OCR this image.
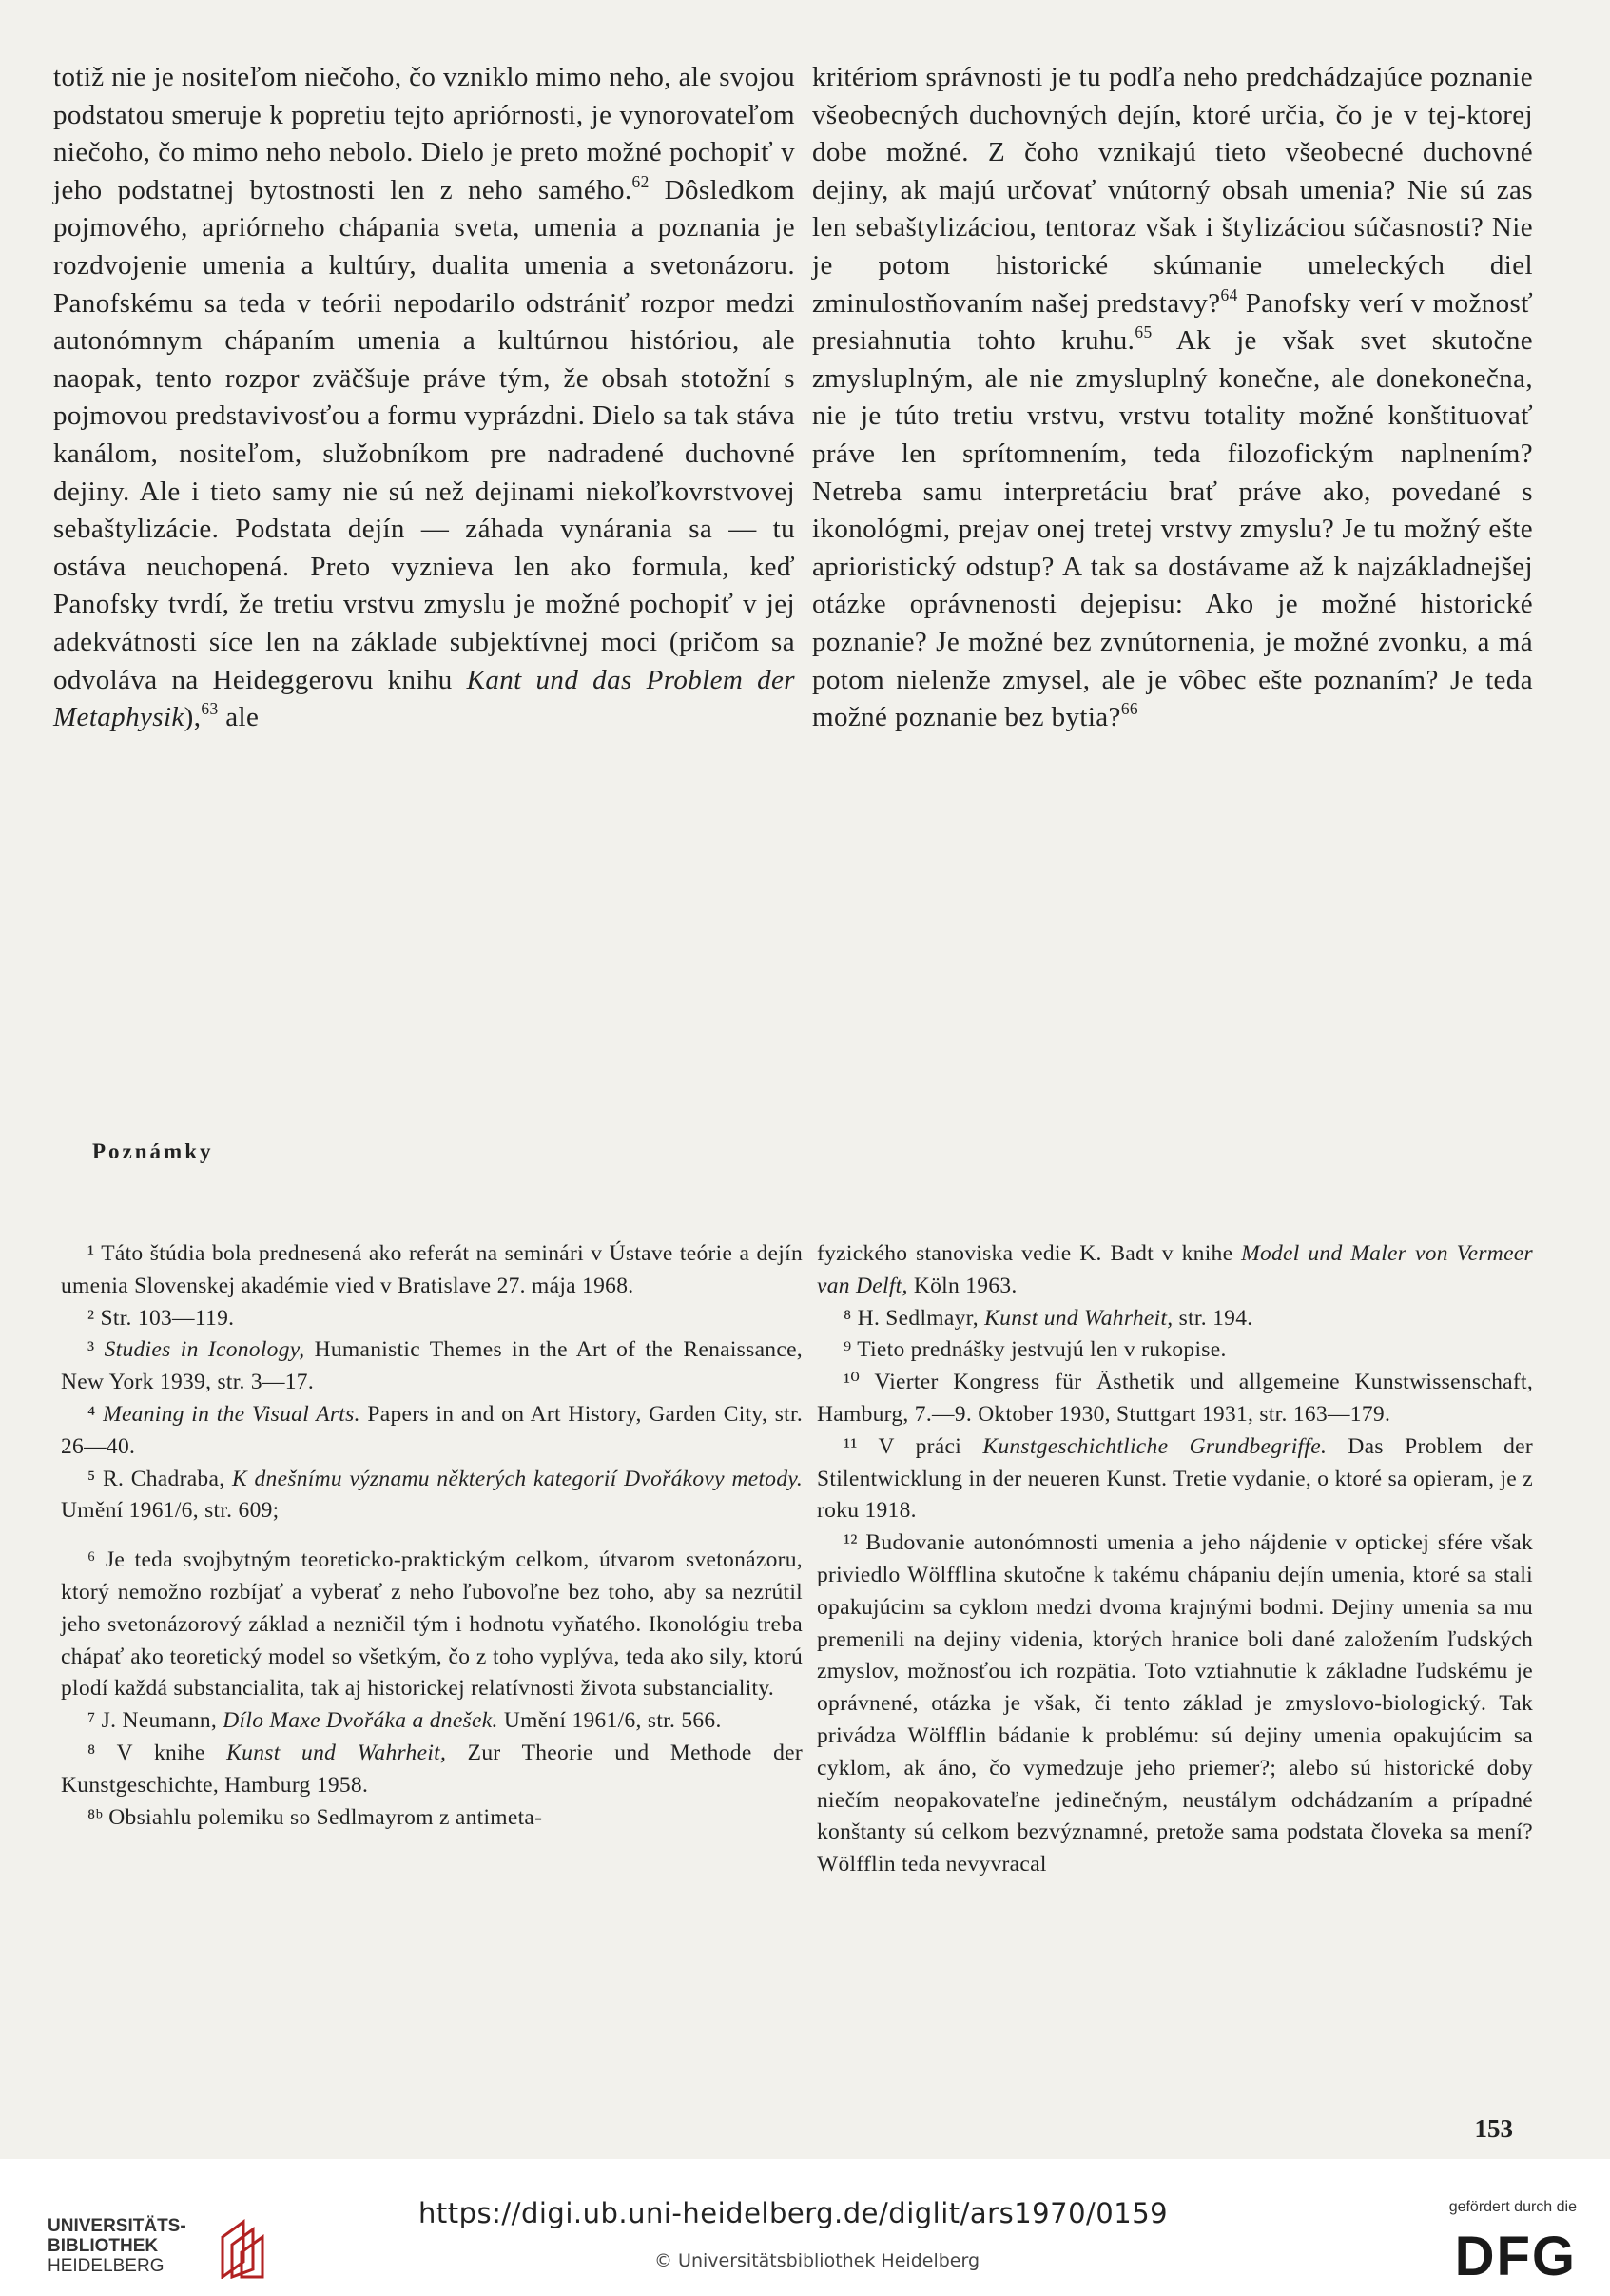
totiž nie je nositeľom niečoho, čo vzniklo mimo neho, ale svojou podstatou smeruje k popretiu tejto apriórnosti, je vynorovateľom niečoho, čo mimo neho nebolo. Dielo je preto možné pochopiť v jeho podstatnej bytostnosti len z neho samého.$^{62}$ Dôsledkom pojmového, apriórneho chápania sveta, umenia a poznania je rozdvojenie umenia a kultúry, dualita umenia a svetonázoru. Panofskému sa teda v teórii nepodarilo odstrániť rozpor medzi autonómnym chápaním umenia a kultúrnou históriou, ale naopak, tento rozpor zväčšuje práve tým, že obsah stotožní s pojmovou predstavivosťou a formu vyprázdni. Dielo sa tak stáva kanálom, nositeľom, služobníkom pre nadradené duchovné dejiny. Ale i tieto samy nie sú než dejinami niekoľkovrstvovej sebaštylizácie. Podstata dejín — záhada vynárania sa — tu ostáva neuchopená. Preto vyznieva len ako formula, keď Panofsky tvrdí, že tretiu vrstvu zmyslu je možné pochopiť v jej adekvátnosti síce len na základe subjektívnej moci (pričom sa odvoláva na Heideggerovu knihu Kant und das Problem der Metaphysik),$^{63}$ ale

kritériom správnosti je tu podľa neho predchádzajúce poznanie všeobecných duchovných dejín, ktoré určia, čo je v tej-ktorej dobe možné. Z čoho vznikajú tieto všeobecné duchovné dejiny, ak majú určovať vnútorný obsah umenia? Nie sú zas len sebaštylizáciou, tentoraz však i štylizáciou súčasnosti? Nie je potom historické skúmanie umeleckých diel zminulostňovaním našej predstavy?$^{64}$ Panofsky verí v možnosť presiahnutia tohto kruhu.$^{65}$ Ak je však svet skutočne zmysluplným, ale nie zmysluplný konečne, ale donekonečna, nie je túto tretiu vrstvu, vrstvu totality možné konštituovať práve len sprítomnením, teda filozofickým naplnením? Netreba samu interpretáciu brať práve ako, povedané s ikonológmi, prejav onej tretej vrstvy zmyslu? Je tu možný ešte aprioristický odstup? A tak sa dostávame až k najzákladnejšej otázke oprávnenosti dejepisu: Ako je možné historické poznanie? Je možné bez zvnútornenia, je možné zvonku, a má potom nielenže zmysel, ale je vôbec ešte poznaním? Je teda možné poznanie bez bytia?$^{66}$

Poznámky

¹ Táto štúdia bola prednesená ako referát na seminári v Ústave teórie a dejín umenia Slovenskej akadémie vied v Bratislave 27. mája 1968.

² Str. 103—119.

³ Studies in Iconology, Humanistic Themes in the Art of the Renaissance, New York 1939, str. 3—17.

⁴ Meaning in the Visual Arts. Papers in and on Art History, Garden City, str. 26—40.

⁵ R. Chadraba, K dnešnímu významu některých kategorií Dvořákovy metody. Umění 1961/6, str. 609;

⁶ Je teda svojbytným teoreticko-praktickým celkom, útvarom svetonázoru, ktorý nemožno rozbíjať a vyberať z neho ľubovoľne bez toho, aby sa nezrútil jeho svetonázorový základ a nezničil tým i hodnotu vyňatého. Ikonológiu treba chápať ako teoretický model so všetkým, čo z toho vyplýva, teda ako sily, ktorú plodí každá substancialita, tak aj historickej relatívnosti života substanciality.

⁷ J. Neumann, Dílo Maxe Dvořáka a dnešek. Umění 1961/6, str. 566.

⁸ V knihe Kunst und Wahrheit, Zur Theorie und Methode der Kunstgeschichte, Hamburg 1958.

⁸ᵇ Obsiahlu polemiku so Sedlmayrom z antimeta-

fyzického stanoviska vedie K. Badt v knihe Model und Maler von Vermeer van Delft, Köln 1963.

⁸ H. Sedlmayr, Kunst und Wahrheit, str. 194.

⁹ Tieto prednášky jestvujú len v rukopise.

¹⁰ Vierter Kongress für Ästhetik und allgemeine Kunstwissenschaft, Hamburg, 7.—9. Oktober 1930, Stuttgart 1931, str. 163—179.

¹¹ V práci Kunstgeschichtliche Grundbegriffe. Das Problem der Stilentwicklung in der neueren Kunst. Tretie vydanie, o ktoré sa opieram, je z roku 1918.

¹² Budovanie autonómnosti umenia a jeho nájdenie v optickej sfére však priviedlo Wölfflina skutočne k takému chápaniu dejín umenia, ktoré sa stali opakujúcim sa cyklom medzi dvoma krajnými bodmi. Dejiny umenia sa mu premenili na dejiny videnia, ktorých hranice boli dané založením ľudských zmyslov, možnosťou ich rozpätia. Toto vztiahnutie k základne ľudskému je oprávnené, otázka je však, či tento základ je zmyslovo-biologický. Tak privádza Wölfflin bádanie k problému: sú dejiny umenia opakujúcim sa cyklom, ak áno, čo vymedzuje jeho priemer?; alebo sú historické doby niečím neopakovateľne jedinečným, neustálym odchádzaním a prípadné konštanty sú celkom bezvýznamné, pretože sama podstata človeka sa mení? Wölfflin teda nevyvracal

153

UNIVERSITÄTS-
BIBLIOTHEK
HEIDELBERG
https://digi.ub.uni-heidelberg.de/diglit/ars1970/0159
© Universitätsbibliothek Heidelberg
gefördert durch die
DFG
